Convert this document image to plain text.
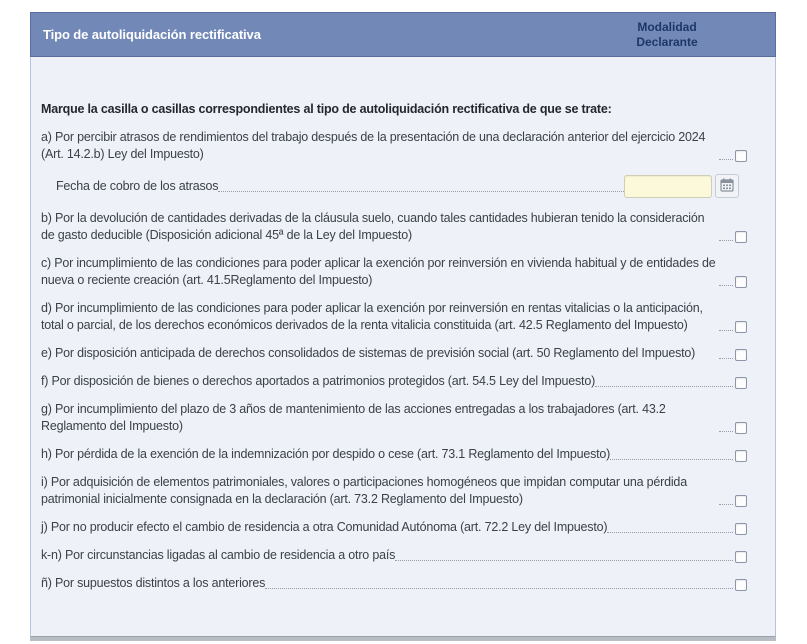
Tipo de autoliquidación rectificativa
Modalidad Declarante
Marque la casilla o casillas correspondientes al tipo de autoliquidación rectificativa de que se trate:
a) Por percibir atrasos de rendimientos del trabajo después de la presentación de una declaración anterior del ejercicio 2024 (Art. 14.2.b) Ley del Impuesto)
Fecha de cobro de los atrasos
b) Por la devolución de cantidades derivadas de la cláusula suelo, cuando tales cantidades hubieran tenido la consideración de gasto deducible (Disposición adicional 45ª de la Ley del Impuesto)
c) Por incumplimiento de las condiciones para poder aplicar la exención por reinversión en vivienda habitual y de entidades de nueva o reciente creación (art. 41.5Reglamento del Impuesto)
d) Por incumplimiento de las condiciones para poder aplicar la exención por reinversión en rentas vitalicias o la anticipación, total o parcial, de los derechos económicos derivados de la renta vitalicia constituida (art. 42.5 Reglamento del Impuesto)
e) Por disposición anticipada de derechos consolidados de sistemas de previsión social (art. 50 Reglamento del Impuesto)
f) Por disposición de bienes o derechos aportados a patrimonios protegidos (art. 54.5 Ley del Impuesto)
g) Por incumplimiento del plazo de 3 años de mantenimiento de las acciones entregadas a los trabajadores (art. 43.2 Reglamento del Impuesto)
h) Por pérdida de la exención de la indemnización por despido o cese (art. 73.1 Reglamento del Impuesto)
i) Por adquisición de elementos patrimoniales, valores o participaciones homogéneos que impidan computar una pérdida patrimonial inicialmente consignada en la declaración (art. 73.2 Reglamento del Impuesto)
j) Por no producir efecto el cambio de residencia a otra Comunidad Autónoma (art. 72.2 Ley del Impuesto)
k-n) Por circunstancias ligadas al cambio de residencia a otro país
ñ) Por supuestos distintos a los anteriores
